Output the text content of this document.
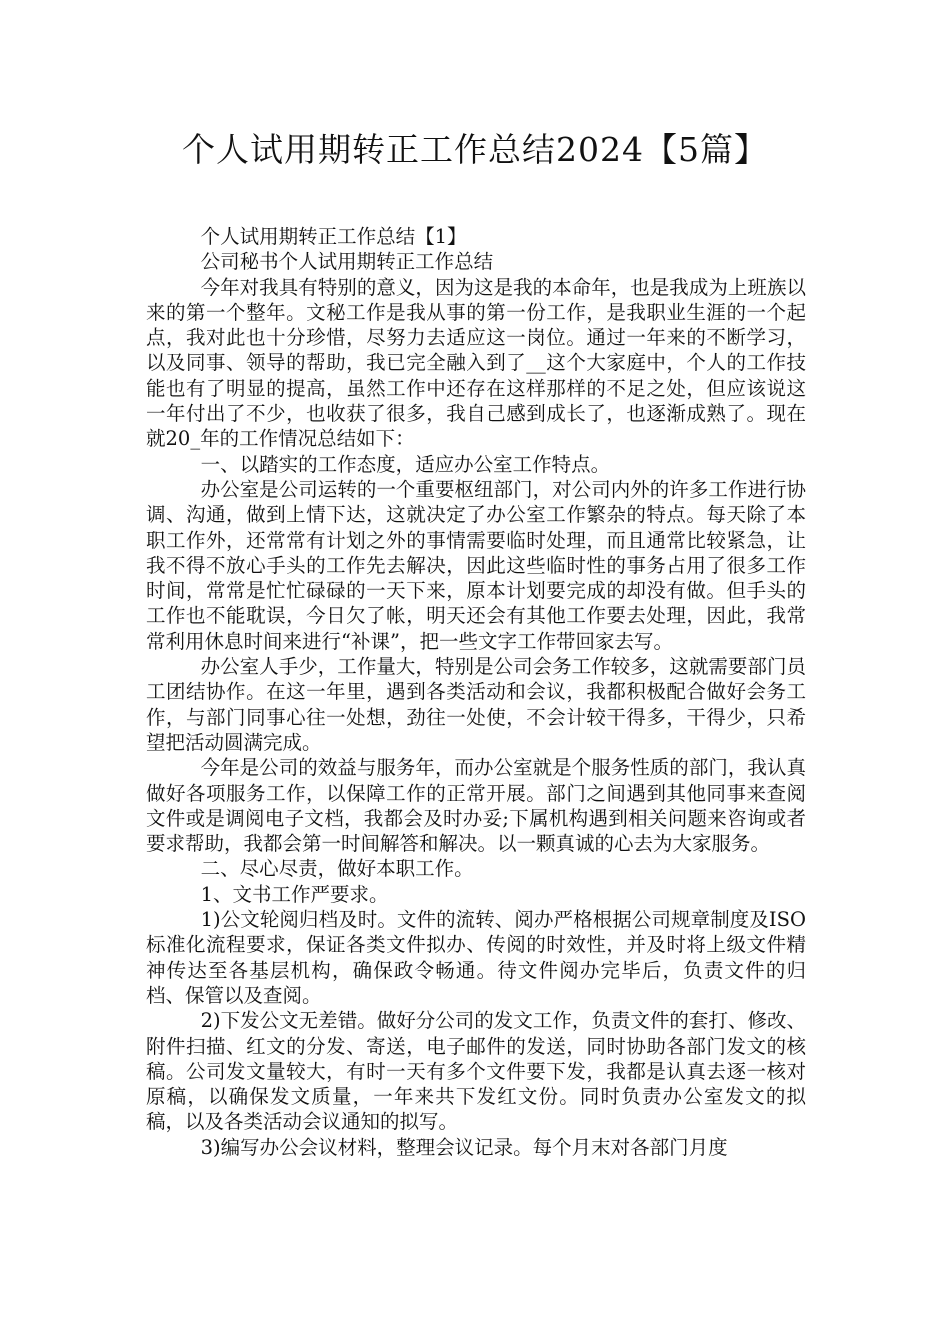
个人试用期转正工作总结2024【5篇】

个人试用期转正工作总结【1】

公司秘书个人试用期转正工作总结

今年对我具有特别的意义，因为这是我的本命年，也是我成为上班族以来的第一个整年。文秘工作是我从事的第一份工作，是我职业生涯的一个起点，我对此也十分珍惜，尽努力去适应这一岗位。通过一年来的不断学习，以及同事、领导的帮助，我已完全融入到了__这个大家庭中，个人的工作技能也有了明显的提高，虽然工作中还存在这样那样的不足之处，但应该说这一年付出了不少，也收获了很多，我自己感到成长了，也逐渐成熟了。现在就20_年的工作情况总结如下：

一、以踏实的工作态度，适应办公室工作特点。

办公室是公司运转的一个重要枢纽部门，对公司内外的许多工作进行协调、沟通，做到上情下达，这就决定了办公室工作繁杂的特点。每天除了本职工作外，还常常有计划之外的事情需要临时处理，而且通常比较紧急，让我不得不放心手头的工作先去解决，因此这些临时性的事务占用了很多工作时间，常常是忙忙碌碌的一天下来，原本计划要完成的却没有做。但手头的工作也不能耽误，今日欠了帐，明天还会有其他工作要去处理，因此，我常常利用休息时间来进行“补课”，把一些文字工作带回家去写。

办公室人手少，工作量大，特别是公司会务工作较多，这就需要部门员工团结协作。在这一年里，遇到各类活动和会议，我都积极配合做好会务工作，与部门同事心往一处想，劲往一处使，不会计较干得多，干得少，只希望把活动圆满完成。

今年是公司的效益与服务年，而办公室就是个服务性质的部门，我认真做好各项服务工作，以保障工作的正常开展。部门之间遇到其他同事来查阅文件或是调阅电子文档，我都会及时办妥;下属机构遇到相关问题来咨询或者要求帮助，我都会第一时间解答和解决。以一颗真诚的心去为大家服务。

二、尽心尽责，做好本职工作。

1、文书工作严要求。

1)公文轮阅归档及时。文件的流转、阅办严格根据公司规章制度及ISO标准化流程要求，保证各类文件拟办、传阅的时效性，并及时将上级文件精神传达至各基层机构，确保政令畅通。待文件阅办完毕后，负责文件的归档、保管以及查阅。

2)下发公文无差错。做好分公司的发文工作，负责文件的套打、修改、附件扫描、红文的分发、寄送，电子邮件的发送，同时协助各部门发文的核稿。公司发文量较大，有时一天有多个文件要下发，我都是认真去逐一核对原稿，以确保发文质量，一年来共下发红文份。同时负责办公室发文的拟稿，以及各类活动会议通知的拟写。

3)编写办公会议材料，整理会议记录。每个月末对各部门月度
